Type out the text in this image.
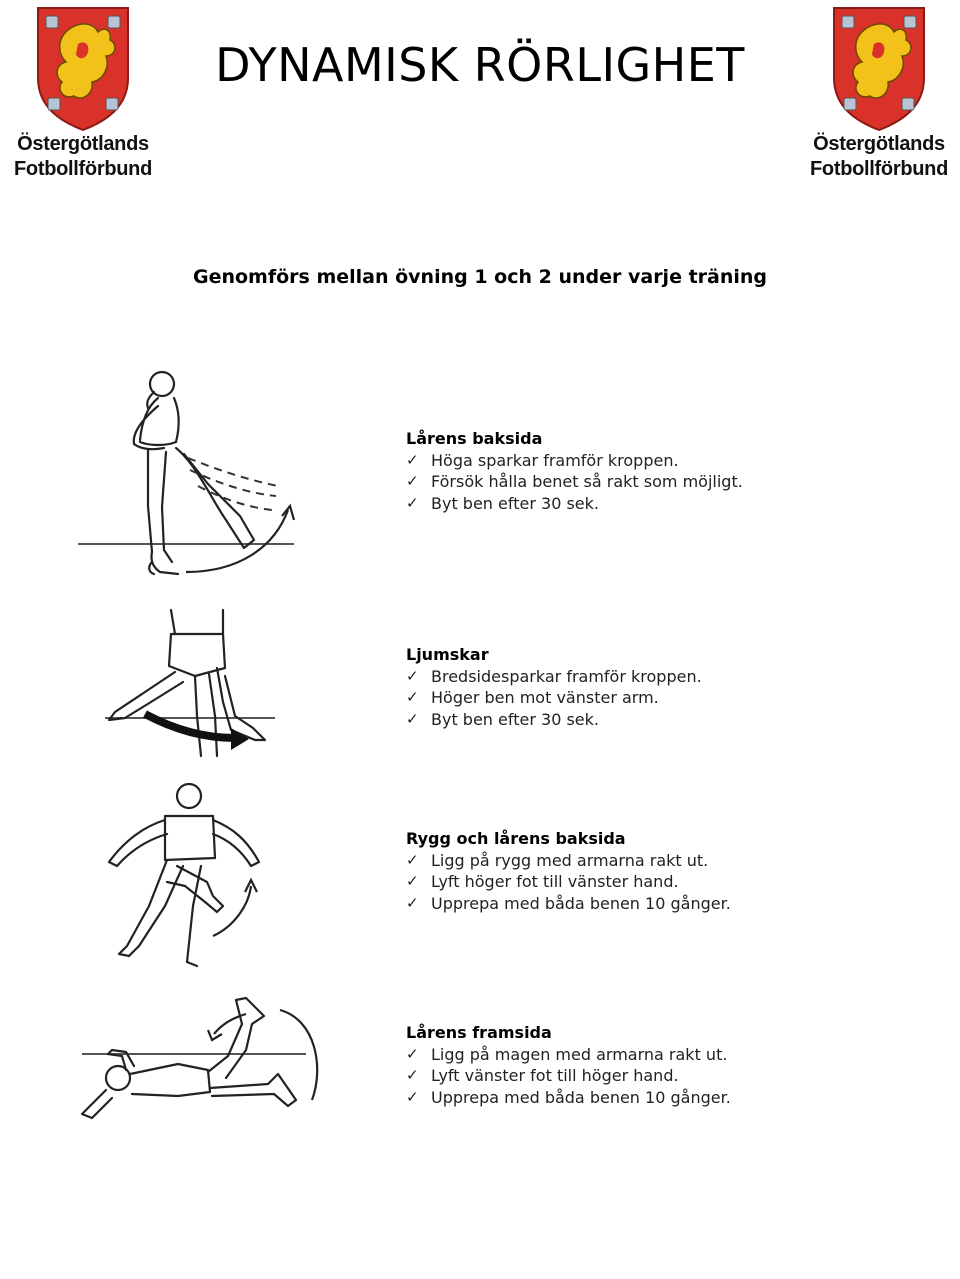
Östergötlands
Fotbollförbund
Östergötlands
Fotbollförbund
DYNAMISK RÖRLIGHET

Genomförs mellan övning 1 och 2 under varje träning

Lårens baksida
✓ Höga sparkar framför kroppen.
✓ Försök hålla benet så rakt som möjligt.
✓ Byt ben efter 30 sek.
Ljumskar
✓ Bredsidesparkar framför kroppen.
✓ Höger ben mot vänster arm.
✓ Byt ben efter 30 sek.
Rygg och lårens baksida
✓ Ligg på rygg med armarna rakt ut.
✓ Lyft höger fot till vänster hand.
✓ Upprepa med båda benen 10 gånger.
Lårens framsida
✓ Ligg på magen med armarna rakt ut.
✓ Lyft vänster fot till höger hand.
✓ Upprepa med båda benen 10 gånger.
